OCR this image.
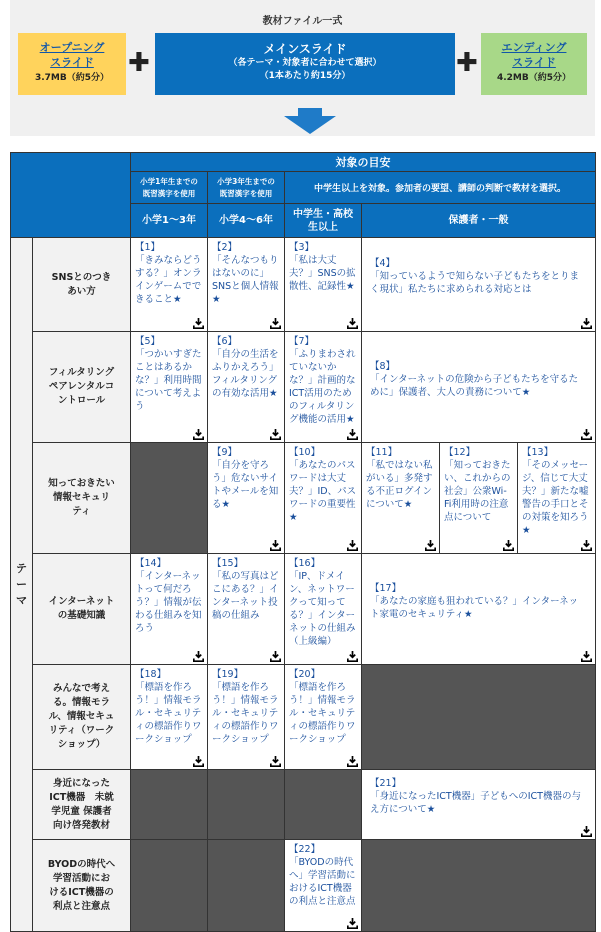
教材ファイル一式
オープニング
スライド
3.7MB（約5分） ✚	メインスライド
（各テーマ・対象者に合わせて選択）
（1本あたり約15分）	✚
エンディング
スライド
4.2MB（約5分）
		対象の目安					
		小学1年生までの
既習漢字を使用	小学3年生までの
既習漢字を使用	中学生以上を対象。参加者の要望、講師の判断で教材を選択。			
		小学1〜3年	小学4〜6年	中学生・高校
生以上	保護者・一般		
テ
ー
マ	SNSとのつき
あい方	【1】
「きみならどうする？」オンラインゲームでできること★	【2】
「そんなつもりはないのに」SNSと個人情報★	【3】
「私は大丈夫？」SNSの拡散性、記録性★	【4】
「知っているようで知らない子どもたちをとりまく現状」私たちに求められる対応とは		

	フィルタリング
ペアレンタルコ
ントロール	【5】
「つかいすぎたことはあるかな？」利用時間について考えよう	【6】
「自分の生活をふりかえろう」フィルタリングの有効な活用★	【7】
「ふりまわされていないかな？」計画的なICT活用のためのフィルタリング機能の活用★	【8】
「インターネットの危険から子どもたちを守るために」保護者、大人の責務について★		

	知っておきたい
情報セキュリ
ティ		【9】
「自分を守ろう」危ないサイトやメールを知る★	【10】
「あなたのパスワードは大丈夫？」ID、パスワードの重要性★	【11】
「私ではない私がいる」多発する不正ログインについて★	【12】
「知っておきたい、これからの社会」公衆Wi-Fi利用時の注意点について	【13】
「そのメッセージ、信じて大丈夫？」新たな嘘警告の手口とその対策を知ろう★

	インターネット
の基礎知識	【14】
「インターネットって何だろう？」情報が伝わる仕組みを知ろう	【15】
「私の写真はどこにある？」インターネット投稿の仕組み	【16】
「IP、ドメイン、ネットワークって知ってる？」インターネットの仕組み（上級編）	【17】
「あなたの家庭も狙われている？」インターネット家電のセキュリティ★		

	みんなで考え
る。情報モラ
ル、情報セキュ
リティ（ワーク
ショップ）	【18】
「標語を作ろう！」情報モラル・セキュリティの標語作りワークショップ	【19】
「標語を作ろう！」情報モラル・セキュリティの標語作りワークショップ	【20】
「標語を作ろう！」情報モラル・セキュリティの標語作りワークショップ		

	身近になった
ICT機器　未就
学児童 保護者
向け啓発教材				【21】
「身近になったICT機器」子どもへのICT機器の与え方について★		

	BYODの時代へ
学習活動にお
けるICT機器の
利点と注意点			【22】
「BYODの時代へ」学習活動におけるICT機器の利点と注意点		
